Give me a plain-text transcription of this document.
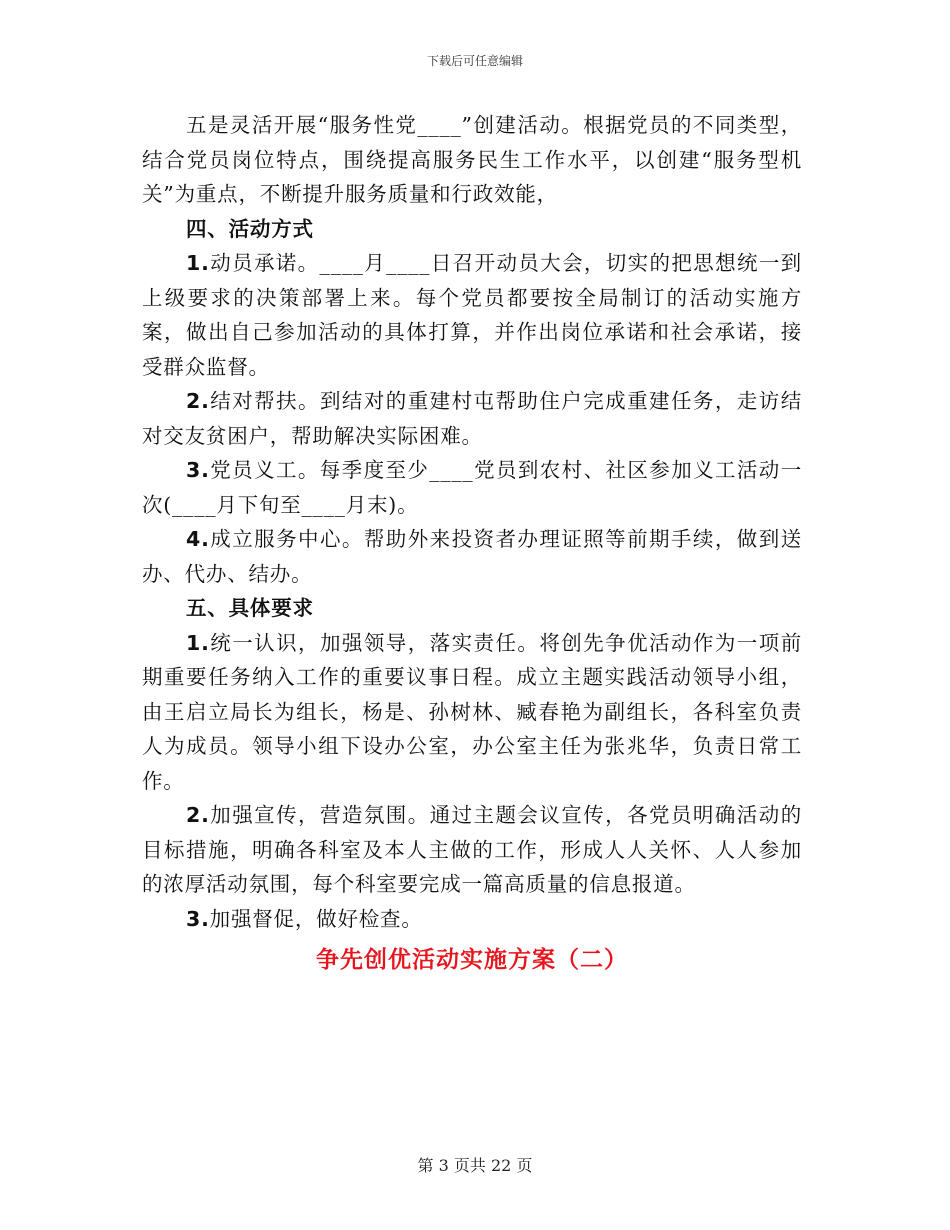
下载后可任意编辑

五是灵活开展“服务性党____”创建活动。根据党员的不同类型，结合党员岗位特点，围绕提高服务民生工作水平，以创建“服务型机关”为重点，不断提升服务质量和行政效能，

四、活动方式

1.动员承诺。____月____日召开动员大会，切实的把思想统一到上级要求的决策部署上来。每个党员都要按全局制订的活动实施方案，做出自己参加活动的具体打算，并作出岗位承诺和社会承诺，接受群众监督。

2.结对帮扶。到结对的重建村屯帮助住户完成重建任务，走访结对交友贫困户，帮助解决实际困难。

3.党员义工。每季度至少____党员到农村、社区参加义工活动一次(____月下旬至____月末)。

4.成立服务中心。帮助外来投资者办理证照等前期手续，做到送办、代办、结办。

五、具体要求

1.统一认识，加强领导，落实责任。将创先争优活动作为一项前期重要任务纳入工作的重要议事日程。成立主题实践活动领导小组，由王启立局长为组长，杨是、孙树林、臧春艳为副组长，各科室负责人为成员。领导小组下设办公室，办公室主任为张兆华，负责日常工作。

2.加强宣传，营造氛围。通过主题会议宣传，各党员明确活动的目标措施，明确各科室及本人主做的工作，形成人人关怀、人人参加的浓厚活动氛围，每个科室要完成一篇高质量的信息报道。

3.加强督促，做好检查。

争先创优活动实施方案（二）

第 3 页共 22 页
